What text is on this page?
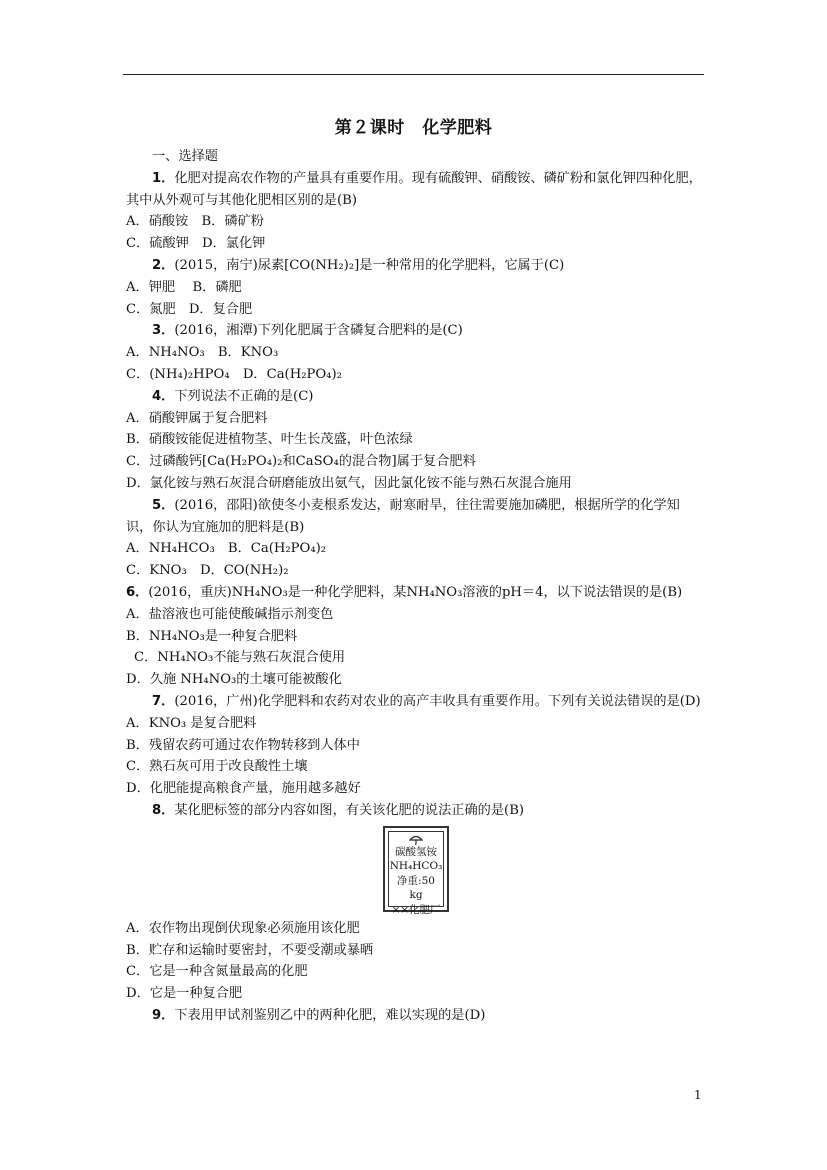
第２课时　化学肥料
一、选择题
1．化肥对提高农作物的产量具有重要作用。现有硫酸钾、硝酸铵、磷矿粉和氯化钾四种化肥，其中从外观可与其他化肥相区别的是(B)
A．硝酸铵　B．磷矿粉
C．硫酸钾　D．氯化钾
2．(2015，南宁)尿素[CO(NH₂)₂]是一种常用的化学肥料，它属于(C)
A．钾肥　 B．磷肥
C．氮肥　D．复合肥
3．(2016，湘潭)下列化肥属于含磷复合肥料的是(C)
A．NH₄NO₃　B．KNO₃
C．(NH₄)₂HPO₄　D．Ca(H₂PO₄)₂
4．下列说法不正确的是(C)
A．硝酸钾属于复合肥料
B．硝酸铵能促进植物茎、叶生长茂盛，叶色浓绿
C．过磷酸钙[Ca(H₂PO₄)₂和CaSO₄的混合物]属于复合肥料
D．氯化铵与熟石灰混合研磨能放出氨气，因此氯化铵不能与熟石灰混合施用
5．(2016，邵阳)欲使冬小麦根系发达，耐寒耐旱，往往需要施加磷肥，根据所学的化学知识，你认为宜施加的肥料是(B)
A．NH₄HCO₃　B．Ca(H₂PO₄)₂
C．KNO₃　D．CO(NH₂)₂
6．(2016，重庆)NH₄NO₃是一种化学肥料，某NH₄NO₃溶液的pH＝4，以下说法错误的是(B)
A．盐溶液也可能使酸碱指示剂变色
B．NH₄NO₃是一种复合肥料
C．NH₄NO₃不能与熟石灰混合使用
D．久施 NH₄NO₃的土壤可能被酸化
7．(2016，广州)化学肥料和农药对农业的高产丰收具有重要作用。下列有关说法错误的是(D)
A．KNO₃ 是复合肥料
B．残留农药可通过农作物转移到人体中
C．熟石灰可用于改良酸性土壤
D．化肥能提高粮食产量，施用越多越好
8．某化肥标签的部分内容如图，有关该化肥的说法正确的是(B)
碳酸氢铵
NH₄HCO₃
净重:50 kg
××化肥厂
A．农作物出现倒伏现象必须施用该化肥
B．贮存和运输时要密封，不要受潮或暴晒
C．它是一种含氮量最高的化肥
D．它是一种复合肥
9．下表用甲试剂鉴别乙中的两种化肥，难以实现的是(D)
1
